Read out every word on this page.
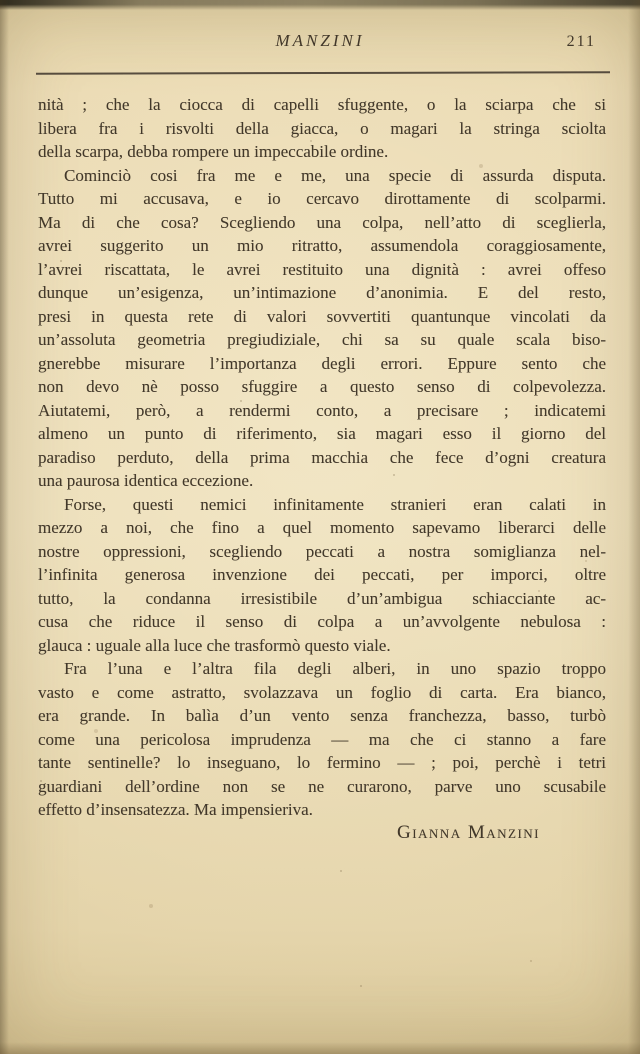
MANZINI	211
nità ; che la ciocca di capelli sfuggente, o la sciarpa che si
libera fra i risvolti della giacca, o magari la stringa sciolta
della scarpa, debba rompere un impeccabile ordine.
Cominciò cosi fra me e me, una specie di assurda disputa.
Tutto mi accusava, e io cercavo dirottamente di scolparmi.
Ma di che cosa? Scegliendo una colpa, nell’atto di sceglierla,
avrei suggerito un mio ritratto, assumendola coraggiosamente,
l’avrei riscattata, le avrei restituito una dignità : avrei offeso
dunque un’esigenza, un’intimazione d’anonimia. E del resto,
presi in questa rete di valori sovvertiti quantunque vincolati da
un’assoluta geometria pregiudiziale, chi sa su quale scala biso-
gnerebbe misurare l’importanza degli errori. Eppure sento che
non devo nè posso sfuggire a questo senso di colpevolezza.
Aiutatemi, però, a rendermi conto, a precisare ; indicatemi
almeno un punto di riferimento, sia magari esso il giorno del
paradiso perduto, della prima macchia che fece d’ogni creatura
una paurosa identica eccezione.
Forse, questi nemici infinitamente stranieri eran calati in
mezzo a noi, che fino a quel momento sapevamo liberarci delle
nostre oppressioni, scegliendo peccati a nostra somiglianza nel-
l’infinita generosa invenzione dei peccati, per imporci, oltre
tutto, la condanna irresistibile d’un’ambigua schiacciante ac-
cusa che riduce il senso di colpa a un’avvolgente nebulosa :
glauca : uguale alla luce che trasformò questo viale.
Fra l’una e l’altra fila degli alberi, in uno spazio troppo
vasto e come astratto, svolazzava un foglio di carta. Era bianco,
era grande. In balìa d’un vento senza franchezza, basso, turbò
come una pericolosa imprudenza — ma che ci stanno a fare
tante sentinelle? lo inseguano, lo fermino — ; poi, perchè i tetri
guardiani dell’ordine non se ne curarono, parve uno scusabile
effetto d’insensatezza. Ma impensieriva.
Gianna Manzini
